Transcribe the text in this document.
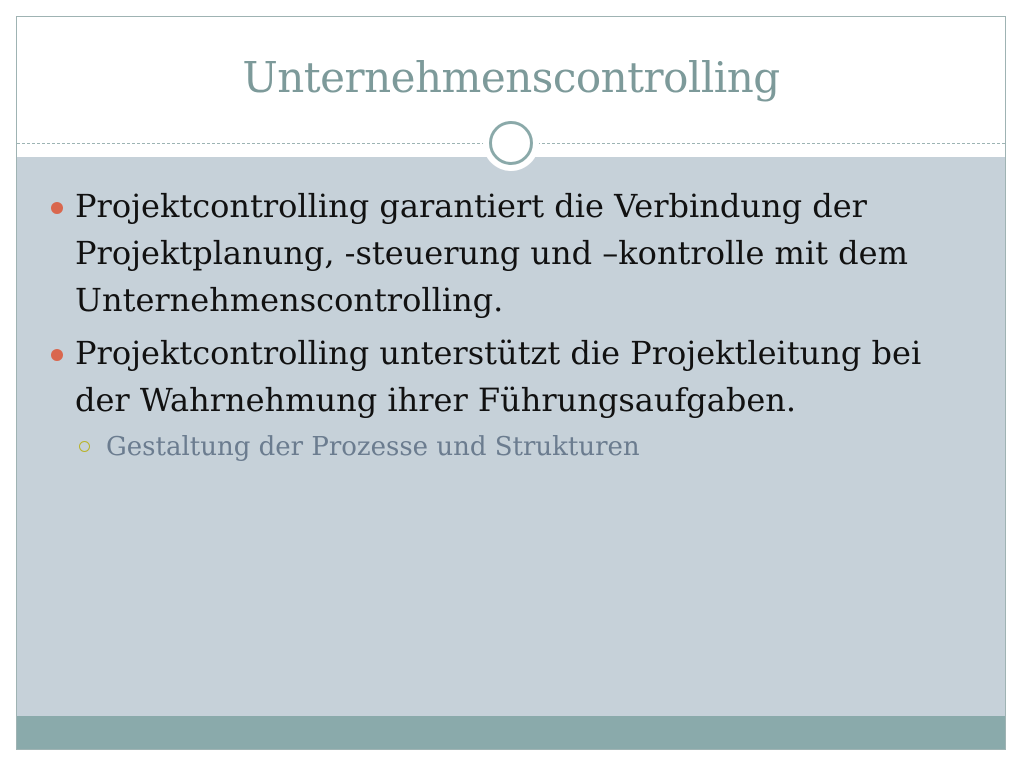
Unternehmenscontrolling
Projektcontrolling garantiert die Verbindung der Projektplanung, -steuerung und –kontrolle mit dem Unternehmenscontrolling.
Projektcontrolling unterstützt die Projektleitung bei der Wahrnehmung ihrer Führungsaufgaben.
Gestaltung der Prozesse und Strukturen
